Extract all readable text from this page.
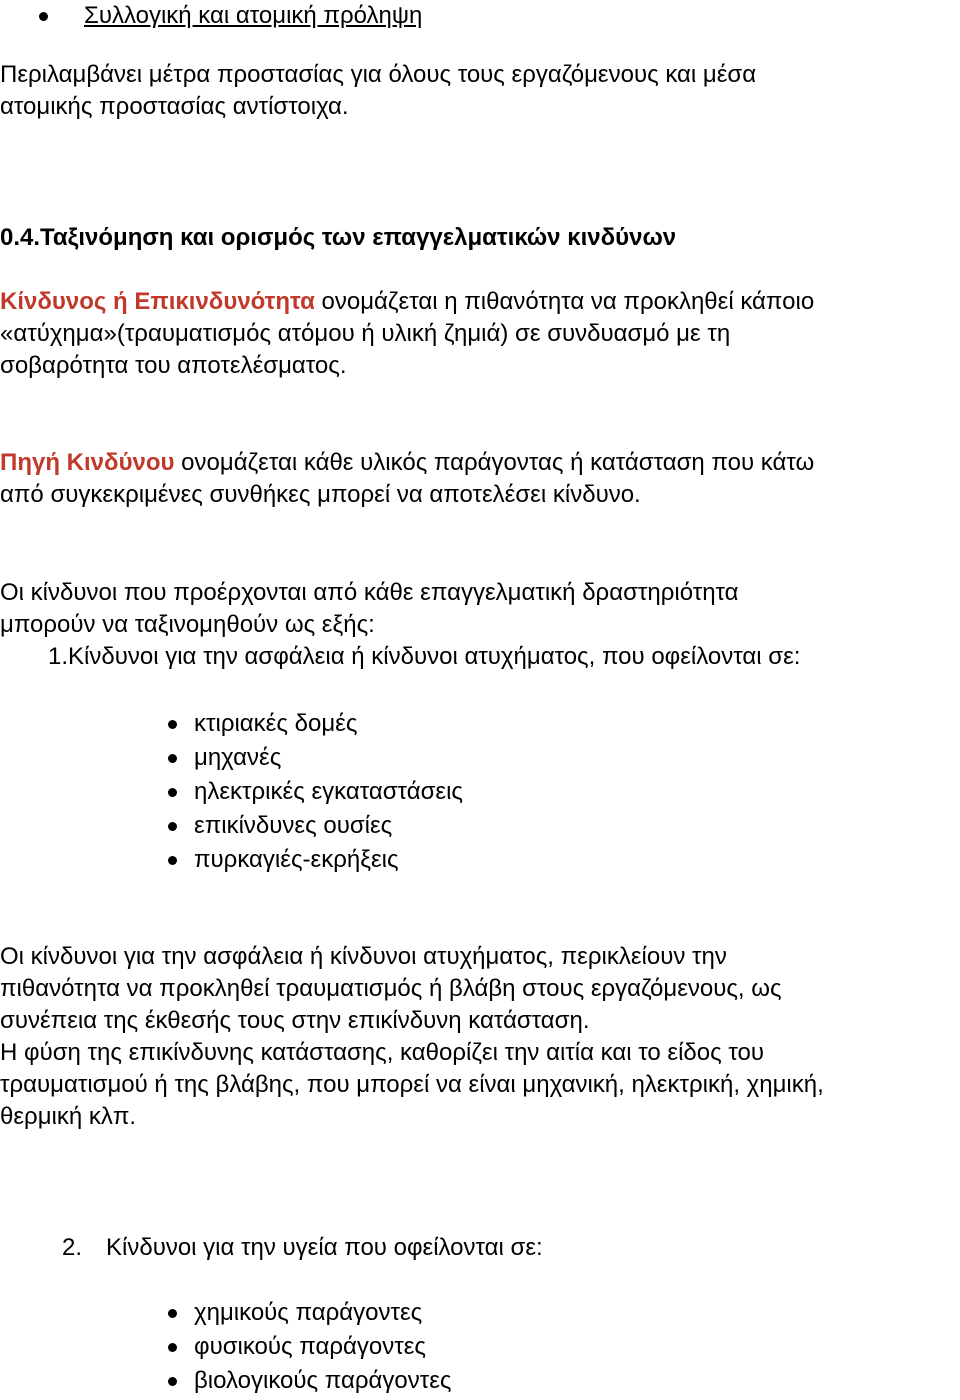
Συλλογική και ατομική πρόληψη
Περιλαμβάνει μέτρα προστασίας για όλους τους εργαζόμενους και μέσα
ατομικής προστασίας αντίστοιχα.
0.4.Ταξινόμηση και ορισμός των επαγγελματικών κινδύνων
Κίνδυνος ή Επικινδυνότητα ονομάζεται η πιθανότητα να προκληθεί κάποιο
«ατύχημα»(τραυματισμός ατόμου ή υλική ζημιά) σε συνδυασμό με τη
σοβαρότητα του αποτελέσματος.
Πηγή Κινδύνου ονομάζεται κάθε υλικός παράγοντας ή κατάσταση που κάτω
από συγκεκριμένες συνθήκες μπορεί να αποτελέσει κίνδυνο.
Οι κίνδυνοι που προέρχονται από κάθε επαγγελματική δραστηριότητα
μπορούν να ταξινομηθούν ως εξής:
1.Κίνδυνοι για την ασφάλεια ή κίνδυνοι ατυχήματος, που οφείλονται σε:
κτιριακές δομές
μηχανές
ηλεκτρικές εγκαταστάσεις
επικίνδυνες ουσίες
πυρκαγιές-εκρήξεις
Οι κίνδυνοι για την ασφάλεια ή κίνδυνοι ατυχήματος, περικλείουν την
πιθανότητα να προκληθεί τραυματισμός ή βλάβη στους εργαζόμενους, ως
συνέπεια της έκθεσής τους στην επικίνδυνη κατάσταση.
Η φύση της επικίνδυνης κατάστασης, καθορίζει την αιτία και το είδος του
τραυματισμού ή της βλάβης, που μπορεί να είναι μηχανική, ηλεκτρική, χημική,
θερμική κλπ.
2. Κίνδυνοι για την υγεία που οφείλονται σε:
χημικούς παράγοντες
φυσικούς παράγοντες
βιολογικούς παράγοντες
